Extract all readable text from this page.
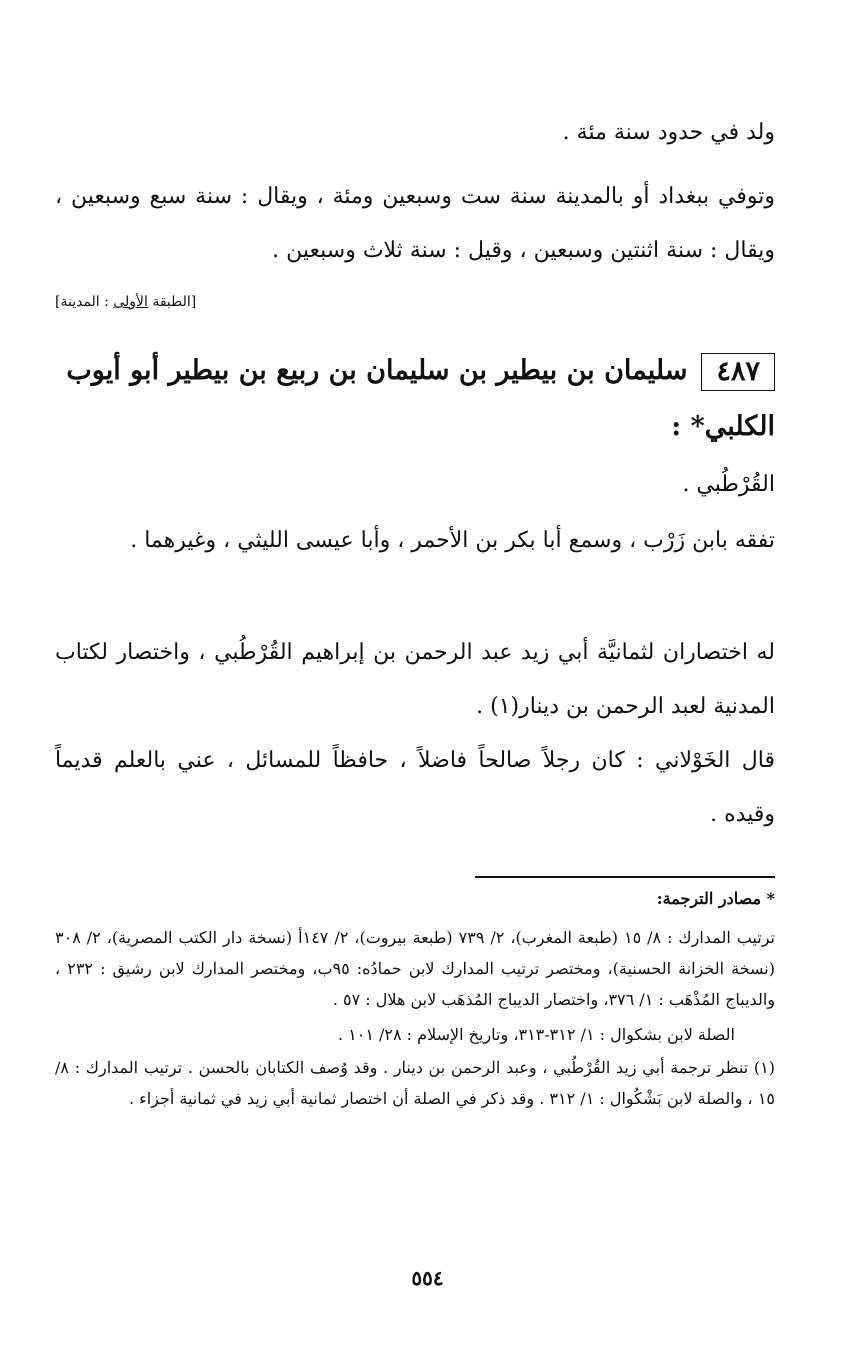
ولد في حدود سنة مئة .
وتوفي ببغداد أو بالمدينة سنة ست وسبعين ومئة ، ويقال : سنة سبع وسبعين ، ويقال : سنة اثنتين وسبعين ، وقيل : سنة ثلاث وسبعين .
[	الطبقة الأولى : المدينة	]
٤٨٧سليمان بن بيطير بن سليمان بن ربيع بن بيطير أبو أيوب الكلبي* :
القُرْطُبي .
تفقه بابن زَرْب ، وسمع أبا بكر بن الأحمر ، وأبا عيسى الليثي ، وغيرهما .
له اختصاران لثمانيَّة أبي زيد عبد الرحمن بن إبراهيم القُرْطُبي ، واختصار لكتاب المدنية لعبد الرحمن بن دينار(١) .
قال الخَوْلاني : كان رجلاً صالحاً فاضلاً ، حافظاً للمسائل ، عني بالعلم قديماً وقيده .
* مصادر الترجمة:
ترتيب المدارك : ٨/ ١٥ (طبعة المغرب)، ٢/ ٧٣٩ (طبعة بيروت)، ٢/ ١٤٧أ (نسخة دار الكتب المصرية)، ٢/ ٣٠٨ (نسخة الخزانة الحسنية)، ومختصر ترتيب المدارك لابن حمادُه: ٩٥ب، ومختصر المدارك لابن رشيق : ٢٣٢ ، والديباج المُذْهَب : ١/ ٣٧٦، واختصار الديباج المُذهَب لابن هلال : ٥٧ .
الصلة لابن بشكوال : ١/ ٣١٢-٣١٣، وتاريخ الإسلام : ٢٨/ ١٠١ .
(١) تنظر ترجمة أبي زيد القُرْطُبي ، وعبد الرحمن بن دينار . وقد وُصف الكتابان بالحسن . ترتيب المدارك : ٨/ ١٥ ، والصلة لابن بَشْكُوال : ١/ ٣١٢ . وقد ذكر في الصلة أن اختصار ثمانية أبي زيد في ثمانية أجزاء .
٥٥٤
